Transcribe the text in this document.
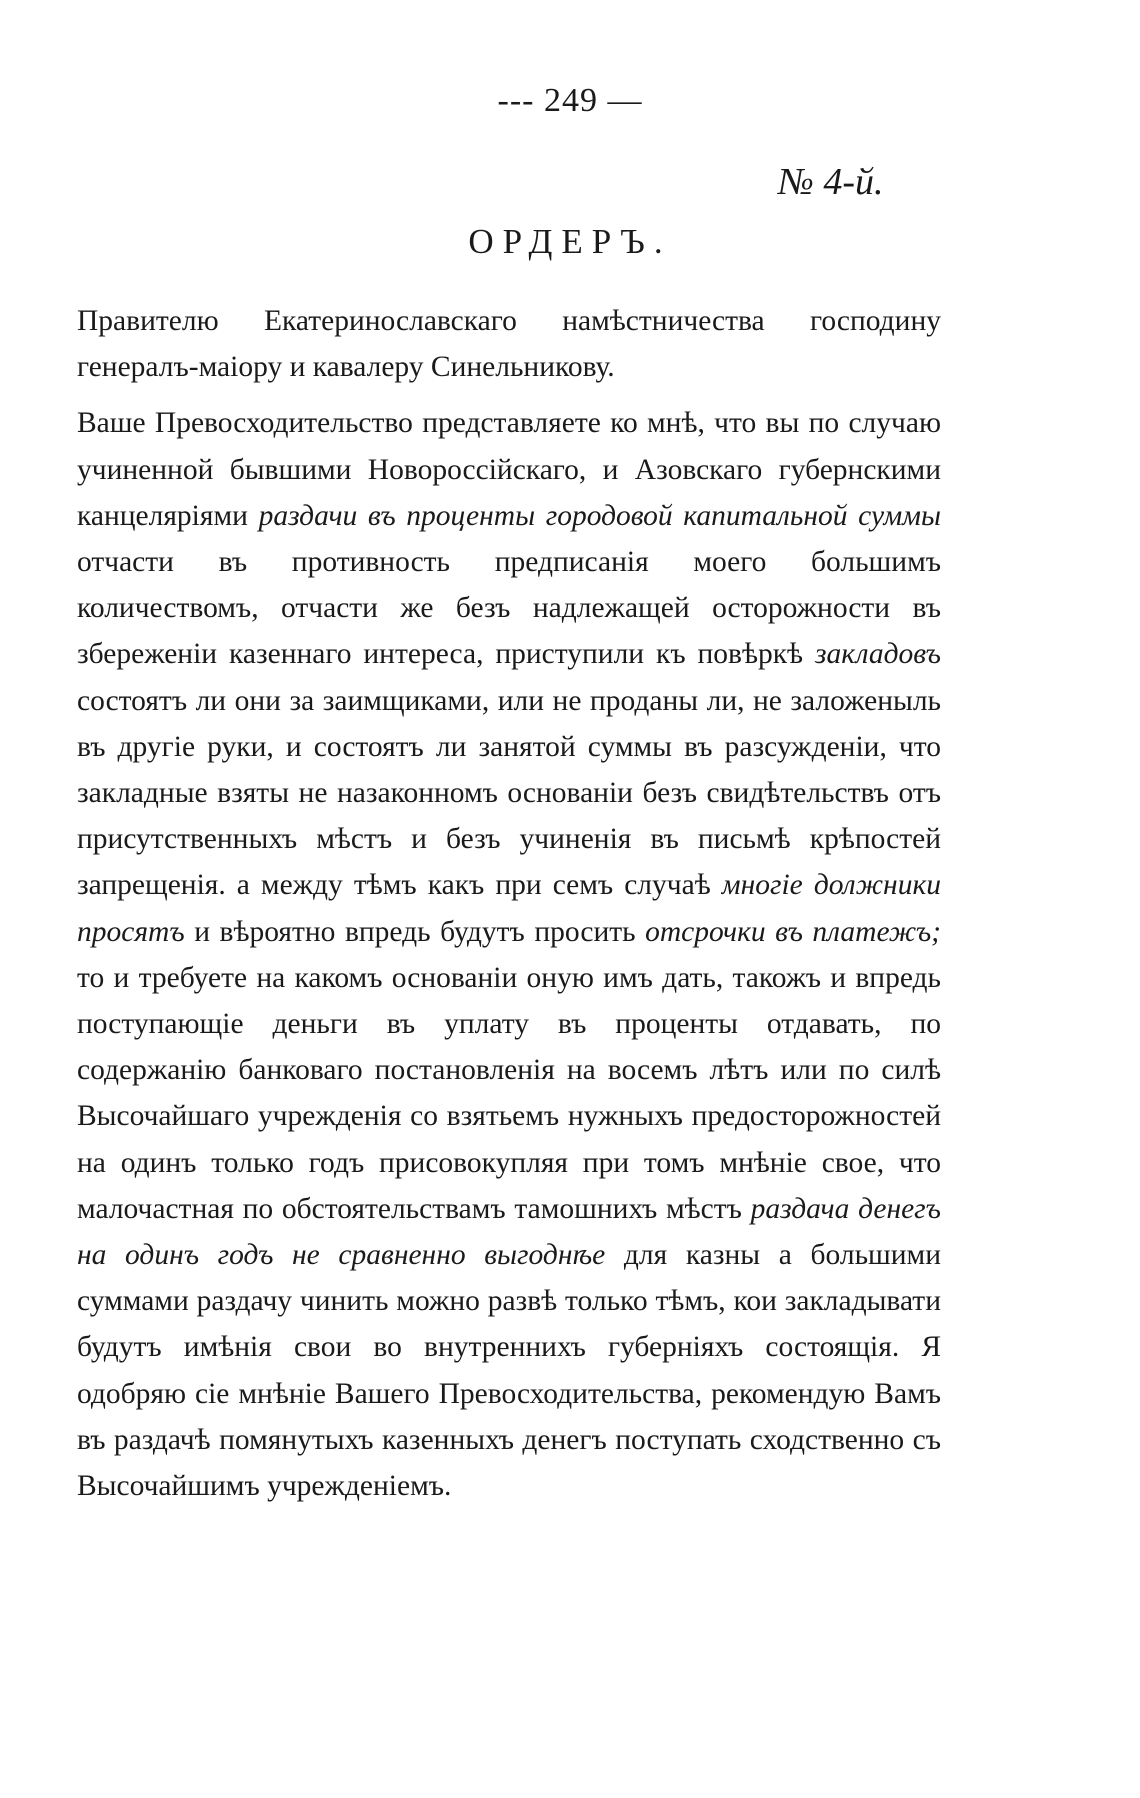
--- 249 —
№ 4-й.
ОРДЕРЪ.

Правителю Екатеринославскаго намѣстничества господину генералъ-маіору и кавалеру Синельникову.

Ваше Превосходительство представляете ко мнѣ, что вы по случаю учиненной бывшими Новороссійскаго, и Азовскаго губернскими канцеляріями раздачи въ проценты городовой капитальной суммы отчасти въ противность предписанія моего большимъ количествомъ, отчасти же безъ надлежащей осторожности въ збереженіи казеннаго интереса, приступили къ повѣркѣ закладовъ состоятъ ли они за заимщиками, или не проданы ли, не заложеныль въ другіе руки, и состоятъ ли занятой суммы въ разсужденіи, что закладные взяты не назаконномъ основаніи безъ свидѣтельствъ отъ присутственныхъ мѣстъ и безъ учиненія въ письмѣ крѣпостей запрещенія. а между тѣмъ какъ при семъ случаѣ многіе должники просятъ и вѣроятно впредь будутъ просить отсрочки въ платежъ; то и требуете на какомъ основаніи оную имъ дать, такожъ и впредь поступающіе деньги въ уплату въ проценты отдавать, по содержанію банковаго постановленія на восемъ лѣтъ или по силѣ Высочайшаго учрежденія со взятьемъ нужныхъ предосторожностей на одинъ только годъ присовокупляя при томъ мнѣніе свое, что малочастная по обстоятельствамъ тамошнихъ мѣстъ раздача денегъ на одинъ годъ не сравненно выгоднѣе для казны а большими суммами раздачу чинить можно развѣ только тѣмъ, кои закладывати будутъ имѣнія свои во внутреннихъ губерніяхъ состоящія. Я одобряю сіе мнѣніе Вашего Превосходительства, рекомендую Вамъ въ раздачѣ помянутыхъ казенныхъ денегъ поступать сходственно съ Высочайшимъ учрежденіемъ.
